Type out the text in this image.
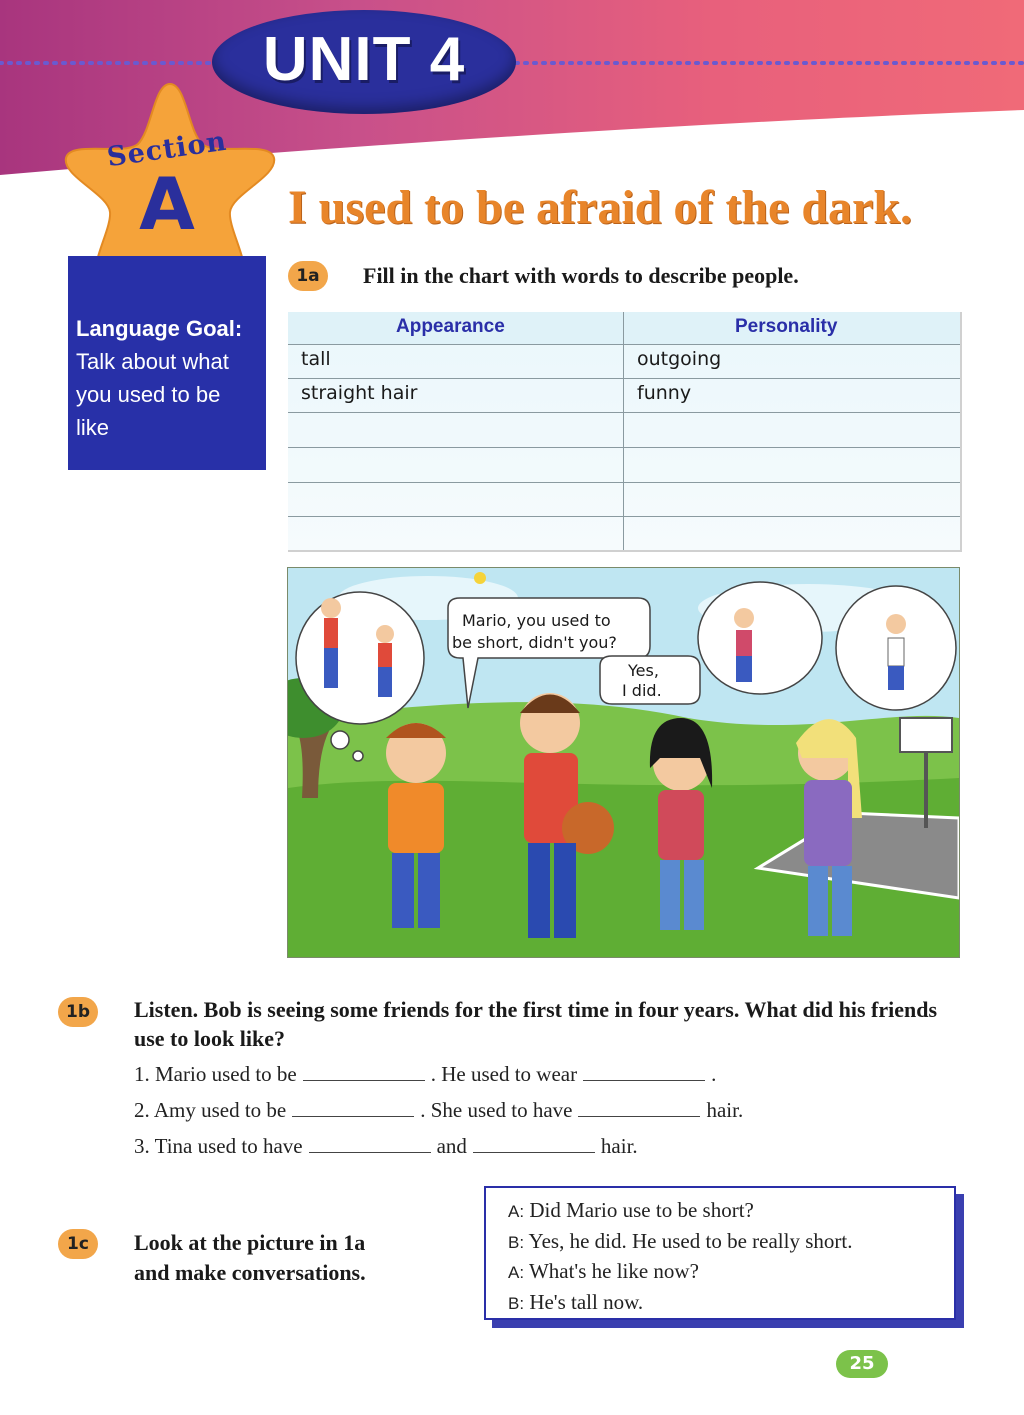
UNIT 4
Section
A
Language Goal:
Talk about what
you used to be
like
I used to be afraid of the dark.
1a	Fill in the chart with words to describe people.
Appearance	Personality
tall	outgoing
straight hair	funny
Mario, you used to
be short, didn't you?
Yes,
I did.
1b	Listen. Bob is seeing some friends for the first time in four years. What did his friends use to look like?
1. Mario used to be	. He used to wear	.
2. Amy used to be	. She used to have	hair.
3. Tina used to have	and	hair.
1c	Look at the picture in 1a
and make conversations.
A: Did Mario use to be short?
B: Yes, he did. He used to be really short.
A: What's he like now?
B: He's tall now.
25
